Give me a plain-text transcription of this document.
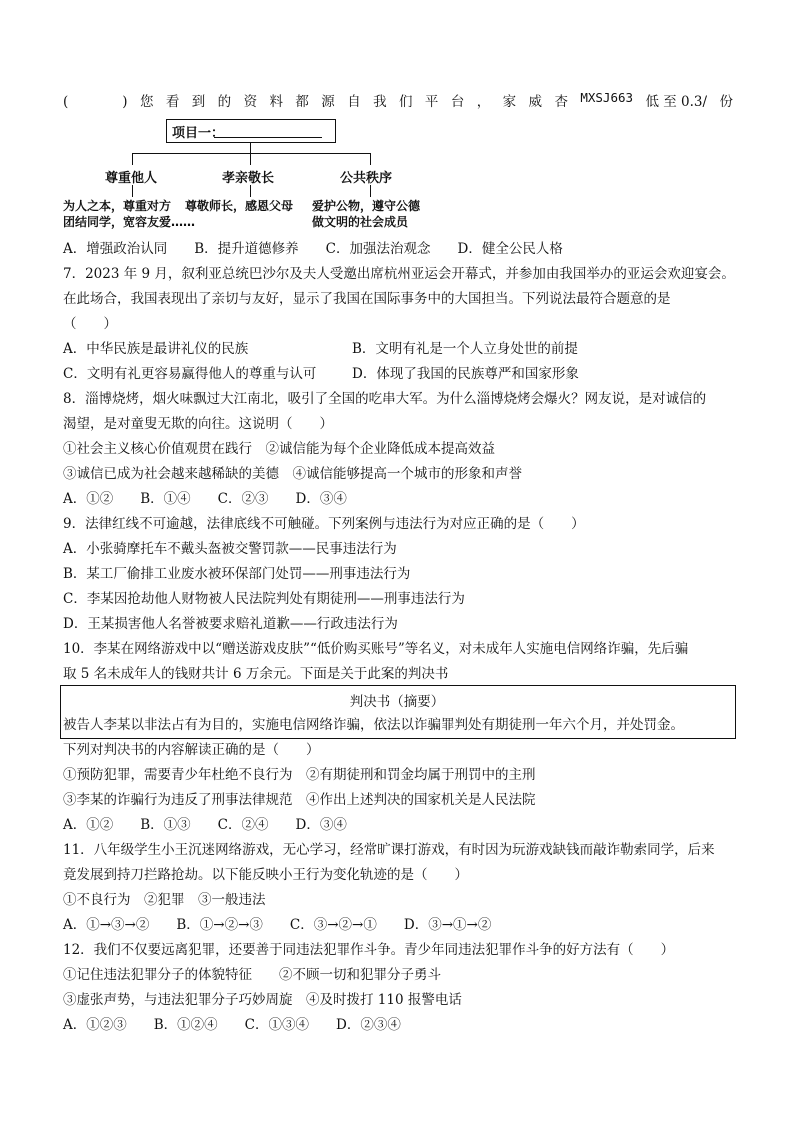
(　　　　) 您 看 到 的 资 料 都 源 自 我 们 平 台 ， 家 威 杏 MXSJ663 低 至 0.3/ 份
项目一：
尊重他人	孝亲敬长	公共秩序
为人之本，尊重对方
团结同学，宽容友爱……
尊敬师长，感恩父母 爱护公物，遵守公德
做文明的社会成员
A．增强政治认同　　B．提升道德修养　　C．加强法治观念　　D．健全公民人格
7．2023 年 9 月，叙利亚总统巴沙尔及夫人受邀出席杭州亚运会开幕式，并参加由我国举办的亚运会欢迎宴会。
在此场合，我国表现出了亲切与友好，显示了我国在国际事务中的大国担当。下列说法最符合题意的是
（　　）
A．中华民族是最讲礼仪的民族	B．文明有礼是一个人立身处世的前提
C．文明有礼更容易赢得他人的尊重与认可	D．体现了我国的民族尊严和国家形象
8．淄博烧烤，烟火味飘过大江南北，吸引了全国的吃串大军。为什么淄博烧烤会爆火？网友说，是对诚信的
渴望，是对童叟无欺的向往。这说明（　　）
①社会主义核心价值观贯在践行　②诚信能为每个企业降低成本提高效益
③诚信已成为社会越来越稀缺的美德　④诚信能够提高一个城市的形象和声誉
A．①②　　B．①④　　C．②③　　D．③④
9．法律红线不可逾越，法律底线不可触碰。下列案例与违法行为对应正确的是（　　）
A．小张骑摩托车不戴头盔被交警罚款——民事违法行为
B．某工厂偷排工业废水被环保部门处罚——刑事违法行为
C．李某因抢劫他人财物被人民法院判处有期徒刑——刑事违法行为
D．王某损害他人名誉被要求赔礼道歉——行政违法行为
10．李某在网络游戏中以“赠送游戏皮肤”“低价购买账号”等名义，对未成年人实施电信网络诈骗，先后骗
取 5 名未成年人的钱财共计 6 万余元。下面是关于此案的判决书
判决书（摘要）
被告人李某以非法占有为目的，实施电信网络诈骗，依法以诈骗罪判处有期徒刑一年六个月，并处罚金。
下列对判决书的内容解读正确的是（　　）
①预防犯罪，需要青少年杜绝不良行为　②有期徒刑和罚金均属于刑罚中的主刑
③李某的诈骗行为违反了刑事法律规范　④作出上述判决的国家机关是人民法院
A．①②　　B．①③　　C．②④　　D．③④
11．八年级学生小王沉迷网络游戏，无心学习，经常旷课打游戏，有时因为玩游戏缺钱而敲诈勒索同学，后来
竟发展到持刀拦路抢劫。以下能反映小王行为变化轨迹的是（　　）
①不良行为　②犯罪　③一般违法
A．①→③→②　　B．①→②→③　　C．③→②→①　　D．③→①→②
12．我们不仅要远离犯罪，还要善于同违法犯罪作斗争。青少年同违法犯罪作斗争的好方法有（　　）
①记住违法犯罪分子的体貌特征　　②不顾一切和犯罪分子勇斗
③虚张声势，与违法犯罪分子巧妙周旋　④及时拨打 110 报警电话
A．①②③　　B．①②④　　C．①③④　　D．②③④
